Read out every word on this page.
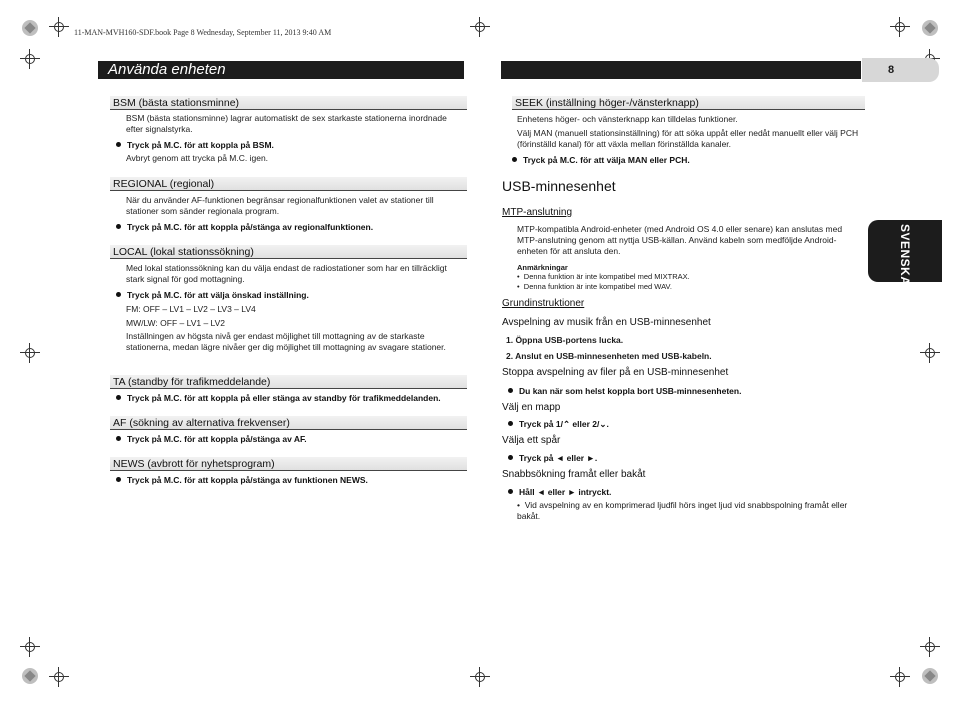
11-MAN-MVH160-SDF.book Page 8 Wednesday, September 11, 2013 9:40 AM
Använda enheten	8
SVENSKA
BSM (bästa stationsminne)
BSM (bästa stationsminne) lagrar automatiskt de sex starkaste stationerna inordnade efter signalstyrka.
Tryck på M.C. för att koppla på BSM.
Avbryt genom att trycka på M.C. igen.
REGIONAL (regional)
När du använder AF-funktionen begränsar regionalfunktionen valet av stationer till stationer som sänder regionala program.
Tryck på M.C. för att koppla på/stänga av regionalfunktionen.
LOCAL (lokal stationssökning)
Med lokal stationssökning kan du välja endast de radiostationer som har en tillräckligt stark signal för god mottagning.
Tryck på M.C. för att välja önskad inställning.
FM: OFF – LV1 – LV2 – LV3 – LV4
MW/LW: OFF – LV1 – LV2
Inställningen av högsta nivå ger endast möjlighet till mottagning av de starkaste stationerna, medan lägre nivåer ger dig möjlighet till mottagning av svagare stationer.
TA (standby för trafikmeddelande)
Tryck på M.C. för att koppla på eller stänga av standby för trafikmeddelanden.
AF (sökning av alternativa frekvenser)
Tryck på M.C. för att koppla på/stänga av AF.
NEWS (avbrott för nyhetsprogram)
Tryck på M.C. för att koppla på/stänga av funktionen NEWS.
SEEK (inställning höger-/vänsterknapp)
Enhetens höger- och vänsterknapp kan tilldelas funktioner.
Välj MAN (manuell stationsinställning) för att söka uppåt eller nedåt manuellt eller välj PCH (förinställd kanal) för att växla mellan förinställda kanaler.
Tryck på M.C. för att välja MAN eller PCH.
USB-minnesenhet
MTP-anslutning
MTP-kompatibla Android-enheter (med Android OS 4.0 eller senare) kan anslutas med MTP-anslutning genom att nyttja USB-källan. Använd kabeln som medföljde Android-enheten för att ansluta den.
Anmärkningar
•  Denna funktion är inte kompatibel med MIXTRAX.
•  Denna funktion är inte kompatibel med WAV.
Grundinstruktioner
Avspelning av musik från en USB-minnesenhet
1. Öppna USB-portens lucka.
2. Anslut en USB-minnesenheten med USB-kabeln.
Stoppa avspelning av filer på en USB-minnesenhet
Du kan när som helst koppla bort USB-minnesenheten.
Välj en mapp
Tryck på 1/⌃ eller 2/⌄.
Välja ett spår
Tryck på ◄ eller ►.
Snabbsökning framåt eller bakåt
Håll ◄ eller ► intryckt.
•  Vid avspelning av en komprimerad ljudfil hörs inget ljud vid snabbspolning framåt eller bakåt.
